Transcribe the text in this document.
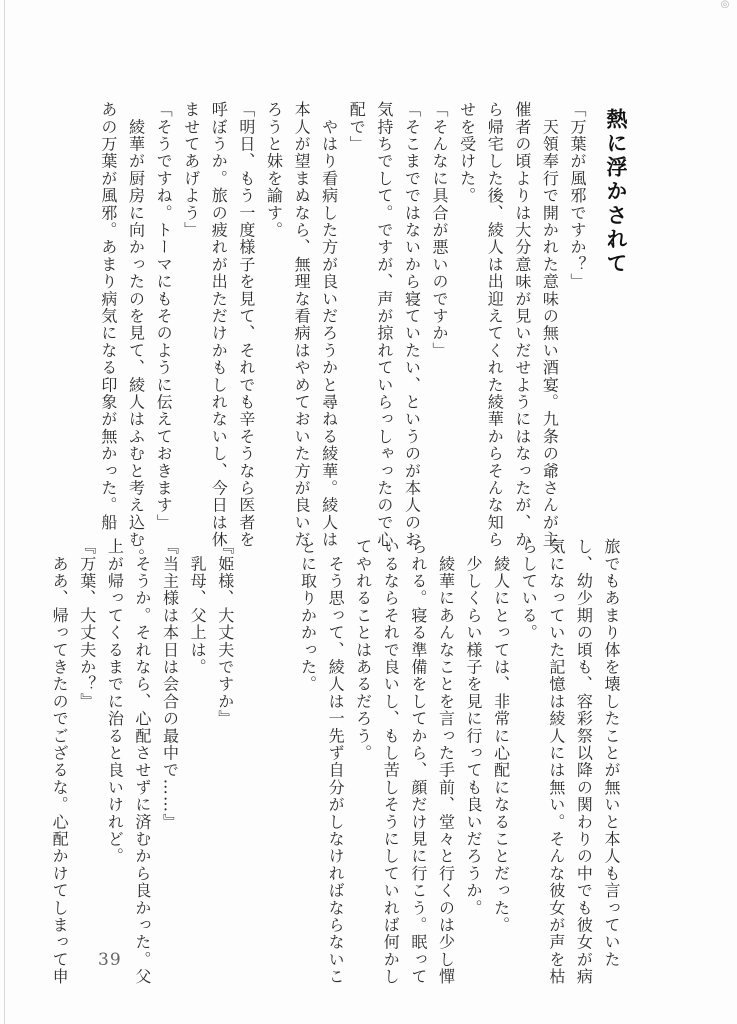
◎
熱に浮かされて
「万葉が風邪ですか？」
　天領奉行で開かれた意味の無い酒宴。九条の爺さんが主
催者の頃よりは大分意味が見いだせようにはなったが、か
ら帰宅した後、綾人は出迎えてくれた綾華からそんな知ら
せを受けた。
「そんなに具合が悪いのですか」
「そこまでではないから寝ていたい、というのが本人のお
気持ちでして。ですが、声が掠れていらっしゃったので心
配で」
　やはり看病した方が良いだろうかと尋ねる綾華。綾人は
本人が望まぬなら、無理な看病はやめておいた方が良いだ
ろうと妹を諭す。
「明日、もう一度様子を見て、それでも辛そうなら医者を
呼ぼうか。旅の疲れが出ただけかもしれないし、今日は休
ませてあげよう」
「そうですね。トーマにもそのように伝えておきます」
　綾華が厨房に向かったのを見て、綾人はふむと考え込む。
あの万葉が風邪。あまり病気になる印象が無かった。船
旅でもあまり体を壊したことが無いと本人も言っていた
し、幼少期の頃も、容彩祭以降の関わりの中でも彼女が病
気になっていた記憶は綾人には無い。そんな彼女が声を枯
らしている。
　綾人にとっては、非常に心配になることだった。
　少しくらい様子を見に行っても良いだろうか。
　綾華にあんなことを言った手前、堂々と行くのは少し憚
られる。寝る準備をしてから、顔だけ見に行こう。眠って
いるならそれで良いし、もし苦しそうにしていれば何かし
てやれることはあるだろう。
　そう思って、綾人は一先ず自分がしなければならないこ
とに取りかかった。

『姫様、大丈夫ですか』
　乳母、父上は。
『当主様は本日は会合の最中で……』
　そうか。それなら、心配させずに済むから良かった。父
上が帰ってくるまでに治ると良いけれど。
『万葉、大丈夫か？』
　ああ、帰ってきたのでござるな。心配かけてしまって申 39
